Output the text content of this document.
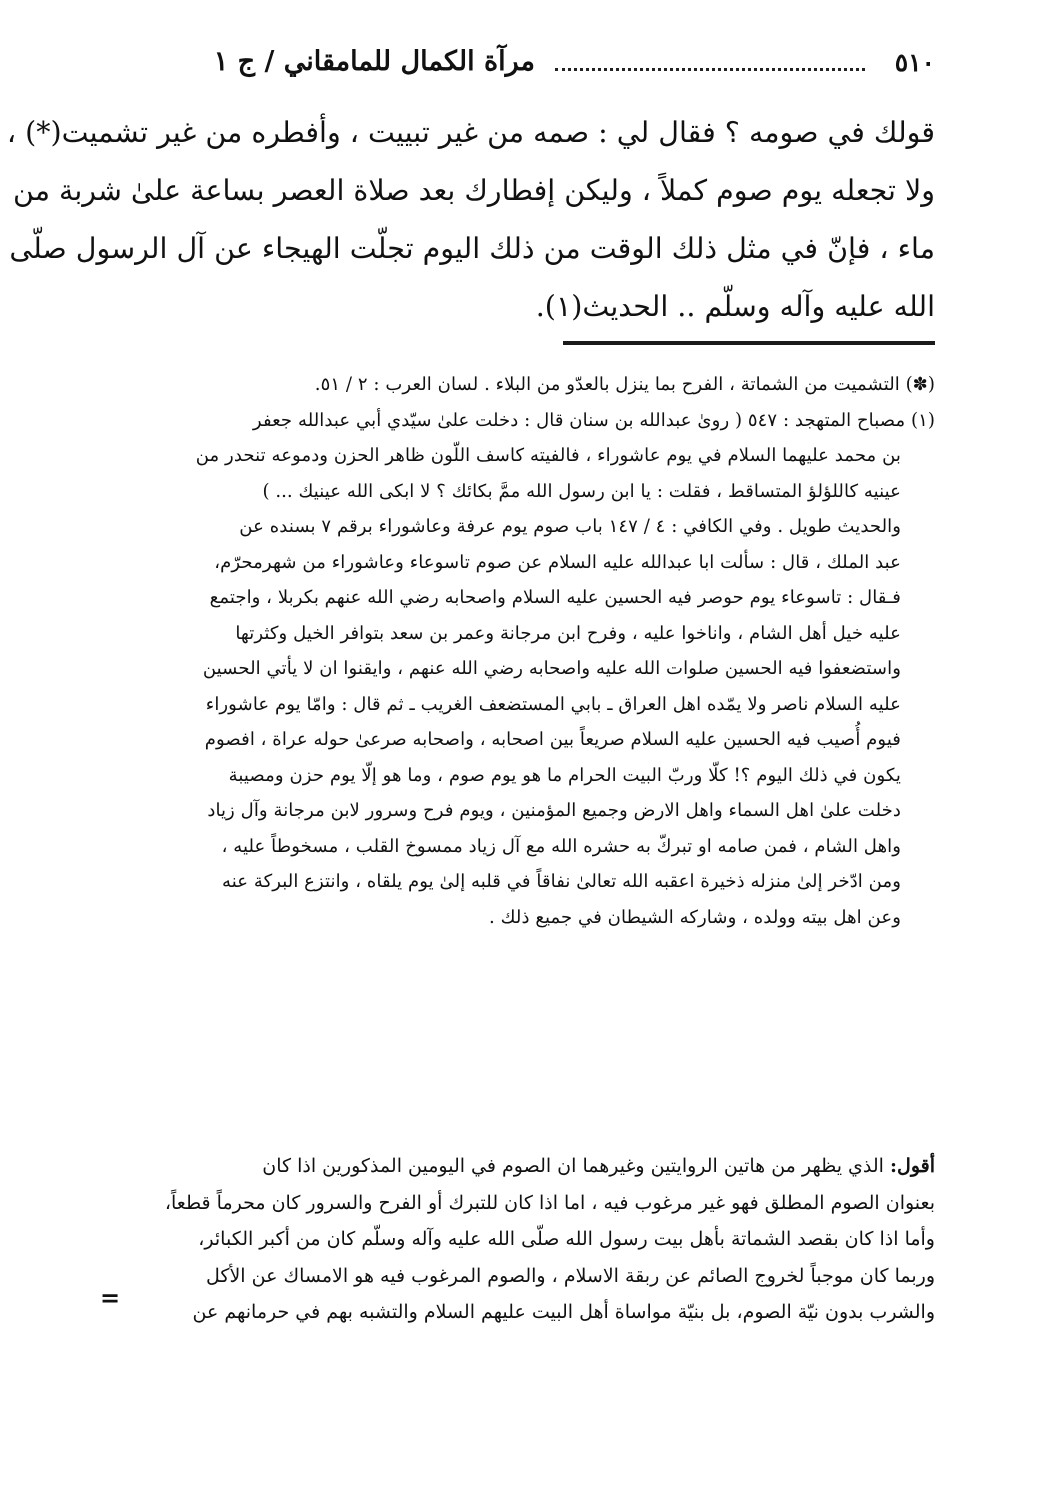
٥١٠
مرآة الكمال للمامقاني / ج ١
قولك في صومه ؟ فقال لي : صمه من غير تبييت ، وأفطره من غير تشميت(*) ،
ولا تجعله يوم صوم كملاً ، وليكن إفطارك بعد صلاة العصر بساعة علىٰ شربة من
ماء ، فإنّ في مثل ذلك الوقت من ذلك اليوم تجلّت الهيجاء عن آل الرسول صلّى
الله عليه وآله وسلّم .. الحديث(١).
(✽) التشميت من الشماتة ، الفرح بما ينزل بالعدّو من البلاء . لسان العرب : ٢ / ٥١.
(١) مصباح المتهجد : ٥٤٧ ( روىٰ عبدالله بن سنان قال : دخلت علىٰ سيّدي أبي عبدالله جعفر
بن محمد عليهما السلام في يوم عاشوراء ، فالفيته كاسف اللّون ظاهر الحزن ودموعه تنحدر من
عينيه كاللؤلؤ المتساقط ، فقلت : يا ابن رسول الله ممَّ بكائك ؟ لا ابكى الله عينيك ... )
والحديث طويل . وفي الكافي : ٤ / ١٤٧ باب صوم يوم عرفة وعاشوراء برقم ٧ بسنده عن
عبد الملك ، قال : سألت ابا عبدالله عليه السلام عن صوم تاسوعاء وعاشوراء من شهرمحرّم،
فـقال : تاسوعاء يوم حوصر فيه الحسين عليه السلام واصحابه رضي الله عنهم بكربلا ، واجتمع
عليه خيل أهل الشام ، واناخوا عليه ، وفرح ابن مرجانة وعمر بن سعد بتوافر الخيل وكثرتها
واستضعفوا فيه الحسين صلوات الله عليه واصحابه رضي الله عنهم ، وايقنوا ان لا يأتي الحسين
عليه السلام ناصر ولا يمّده اهل العراق ـ بابي المستضعف الغريب ـ ثم قال : وامّا يوم عاشوراء
فيوم أُصيب فيه الحسين عليه السلام صريعاً بين اصحابه ، واصحابه صرعىٰ حوله عراة ، افصوم
يكون في ذلك اليوم ؟! كلّا وربّ البيت الحرام ما هو يوم صوم ، وما هو إلّا يوم حزن ومصيبة
دخلت علىٰ اهل السماء واهل الارض وجميع المؤمنين ، ويوم فرح وسرور لابن مرجانة وآل زياد
واهل الشام ، فمن صامه او تبركّ به حشره الله مع آل زياد ممسوخ القلب ، مسخوطاً عليه ،
ومن ادّخر إلىٰ منزله ذخيرة اعقبه الله تعالىٰ نفاقاً في قلبه إلىٰ يوم يلقاه ، وانتزع البركة عنه
وعن اهل بيته وولده ، وشاركه الشيطان في جميع ذلك .
أقول: الذي يظهر من هاتين الروايتين وغيرهما ان الصوم في اليومين المذكورين اذا كان
بعنوان الصوم المطلق فهو غير مرغوب فيه ، اما اذا كان للتبرك أو الفرح والسرور كان محرماً قطعاً،
وأما اذا كان بقصد الشماتة بأهل بيت رسول الله صلّى الله عليه وآله وسلّم كان من أكبر الكبائر،
وربما كان موجباً لخروج الصائم عن ربقة الاسلام ، والصوم المرغوب فيه هو الامساك عن الأكل
والشرب بدون نيّة الصوم، بل بنيّة مواساة أهل البيت عليهم السلام والتشبه بهم في حرمانهم عن
=
